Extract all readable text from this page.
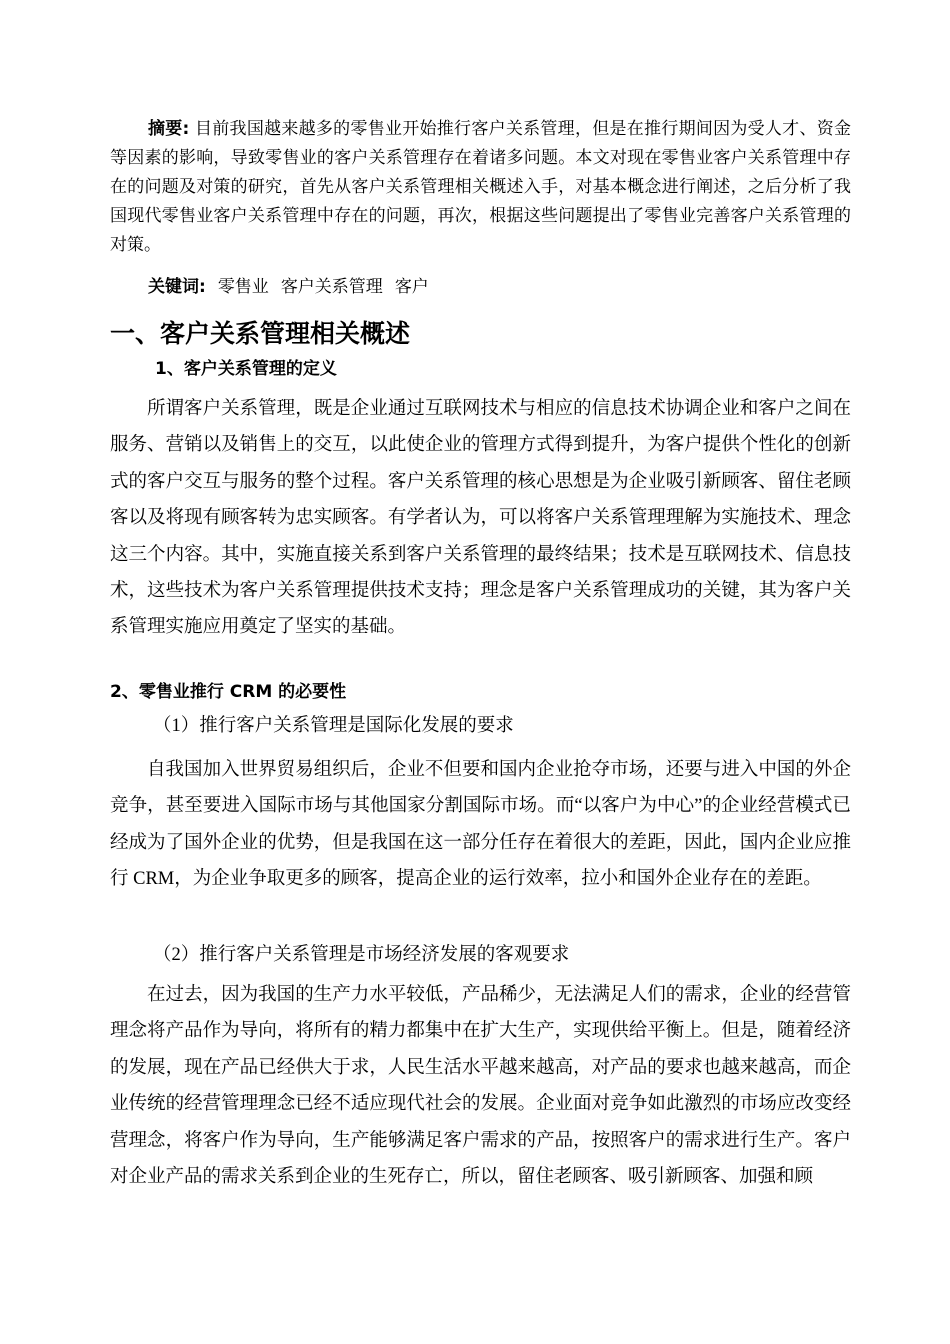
摘要: 目前我国越来越多的零售业开始推行客户关系管理，但是在推行期间因为受人才、资金等因素的影响，导致零售业的客户关系管理存在着诸多问题。本文对现在零售业客户关系管理中存在的问题及对策的研究，首先从客户关系管理相关概述入手，对基本概念进行阐述，之后分析了我国现代零售业客户关系管理中存在的问题，再次，根据这些问题提出了零售业完善客户关系管理的对策。

关键词: 零售业 客户关系管理 客户

一、客户关系管理相关概述
1、客户关系管理的定义

所谓客户关系管理，既是企业通过互联网技术与相应的信息技术协调企业和客户之间在服务、营销以及销售上的交互，以此使企业的管理方式得到提升，为客户提供个性化的创新式的客户交互与服务的整个过程。客户关系管理的核心思想是为企业吸引新顾客、留住老顾客以及将现有顾客转为忠实顾客。有学者认为，可以将客户关系管理理解为实施技术、理念这三个内容。其中，实施直接关系到客户关系管理的最终结果；技术是互联网技术、信息技术，这些技术为客户关系管理提供技术支持；理念是客户关系管理成功的关键，其为客户关系管理实施应用奠定了坚实的基础。

2、零售业推行 CRM 的必要性

（1）推行客户关系管理是国际化发展的要求

自我国加入世界贸易组织后，企业不但要和国内企业抢夺市场，还要与进入中国的外企竞争，甚至要进入国际市场与其他国家分割国际市场。而“以客户为中心”的企业经营模式已经成为了国外企业的优势，但是我国在这一部分任存在着很大的差距，因此，国内企业应推行 CRM，为企业争取更多的顾客，提高企业的运行效率，拉小和国外企业存在的差距。

（2）推行客户关系管理是市场经济发展的客观要求

在过去，因为我国的生产力水平较低，产品稀少，无法满足人们的需求，企业的经营管理念将产品作为导向，将所有的精力都集中在扩大生产，实现供给平衡上。但是，随着经济的发展，现在产品已经供大于求，人民生活水平越来越高，对产品的要求也越来越高，而企业传统的经营管理理念已经不适应现代社会的发展。企业面对竞争如此激烈的市场应改变经营理念，将客户作为导向，生产能够满足客户需求的产品，按照客户的需求进行生产。客户对企业产品的需求关系到企业的生死存亡，所以，留住老顾客、吸引新顾客、加强和顾
